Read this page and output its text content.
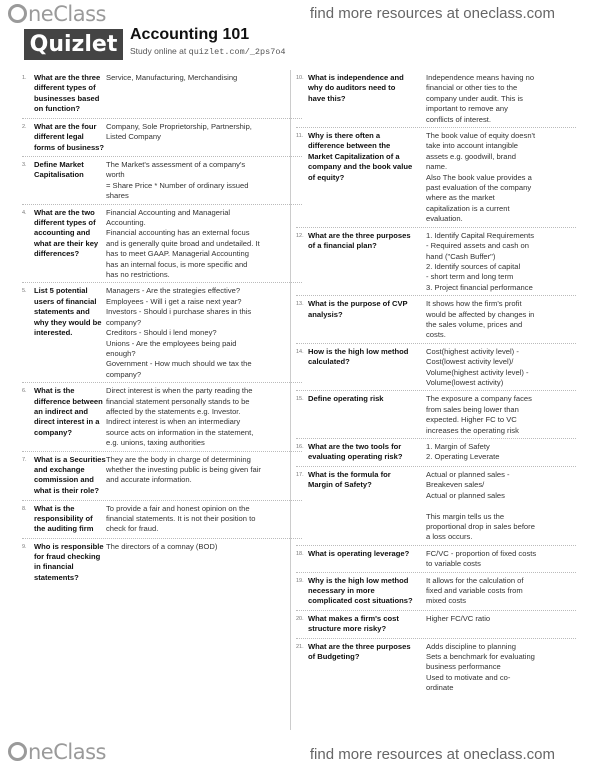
neClass	find more resources at oneclass.com
Quizlet Accounting 101
Study online at quizlet.com/_2ps7o4
1. What are the three different types of businesses based on function?
Service, Manufacturing, Merchandising
2. What are the four different legal forms of business?
Company, Sole Proprietorship, Partnership,
Listed Company
3. Define Market Capitalisation
The Market's assessment of a company's
worth
= Share Price * Number of ordinary issued
shares
4. What are the two different types of accounting and what are their key differences?
Financial Accounting and Managerial
Accounting.
Financial accounting has an external focus
and is generally quite broad and undetailed. It
has to meet GAAP. Managerial Accounting
has an internal focus, is more specific and
has no restrictions.
5. List 5 potential users of financial statements and why they would be interested.
Managers - Are the strategies effective?
Employees - Will i get a raise next year?
Investors - Should i purchase shares in this
company?
Creditors - Should i lend money?
Unions - Are the employees being paid
enough?
Government - How much should we tax the
company?
6. What is the difference between an indirect and direct interest in a company?
Direct interest is when the party reading the
financial statement personally stands to be
affected by the statements e.g. Investor.
Indirect interest is when an intermediary
source acts on information in the statement,
e.g. unions, taxing authorities
7. What is a Securities and exchange commission and what is their role?
They are the body in charge of determining
whether the investing public is being given fair
and accurate information.
8. What is the responsibility of the auditing firm
To provide a fair and honest opinion on the
financial statements. It is not their position to
check for fraud.
9. Who is responsible for fraud checking in financial statements?
The directors of a comnay (BOD)
10. What is independence and why do auditors need to have this?
Independence means having no
financial or other ties to the
company under audit. This is
important to remove any
conflicts of interest.
11. Why is there often a difference between the Market Capitalization of a company and the book value of equity?
The book value of equity doesn't
take into account intangible
assets e.g. goodwill, brand
name.
Also The book value provides a
past evaluation of the company
where as the market
capitalization is a current
evaluation.
12. What are the three purposes of a financial plan?
1. Identify Capital Requirements
- Required assets and cash on
hand ("Cash Buffer")
2. Identify sources of capital
- short term and long term
3. Project financial performance
13. What is the purpose of CVP analysis?
It shows how the firm's profit
would be affected by changes in
the sales volume, prices and
costs.
14. How is the high low method calculated?
Cost(highest activity level) -
Cost(lowest activity level)/
Volume(highest activity level) -
Volume(lowest activity)
15. Define operating risk	The exposure a company faces
from sales being lower than
expected. Higher FC to VC
increases the operating risk
16. What are the two tools for evaluating operating risk?
1. Margin of Safety
2. Operating Leverate
17. What is the formula for Margin of Safety?
Actual or planned sales -
Breakeven sales/
Actual or planned sales

This margin tells us the
proportional drop in sales before
a loss occurs.
18. What is operating leverage?	FC/VC - proportion of fixed costs
to variable costs
19. Why is the high low method necessary in more complicated cost situations?
It allows for the calculation of
fixed and variable costs from
mixed costs
20. What makes a firm's cost structure more risky?
Higher FC/VC ratio
21. What are the three purposes of Budgeting?
Adds discipline to planning
Sets a benchmark for evaluating
business performance
Used to motivate and co-
ordinate
neClass	find more resources at oneclass.com
